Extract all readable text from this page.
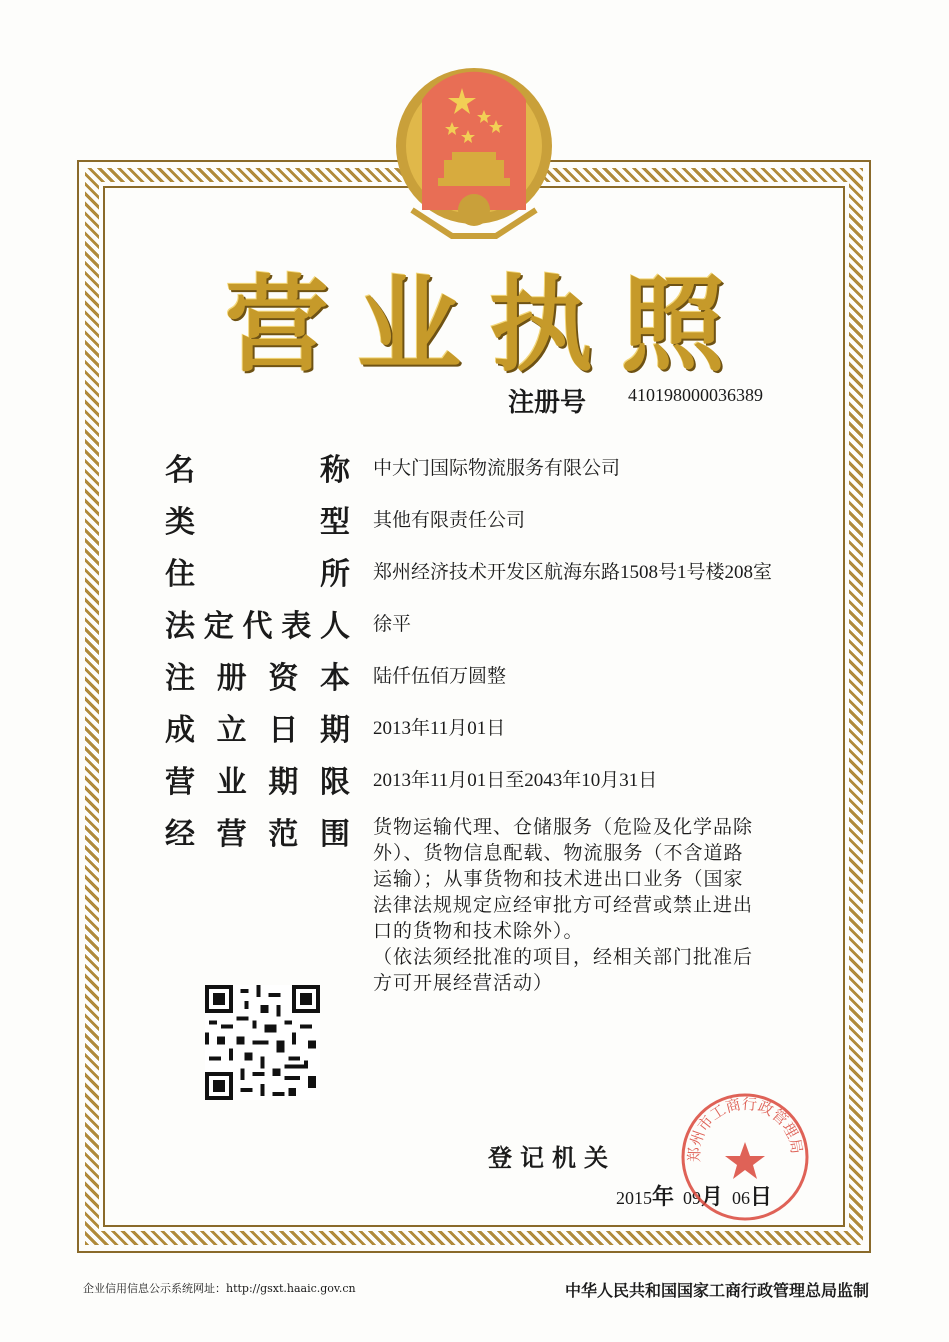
营 业 执 照
注册号 410198000036389
名	称 中大门国际物流服务有限公司
类	型 其他有限责任公司
住	所 郑州经济技术开发区航海东路1508号1号楼208室
法 定 代 表 人 徐平
注 册 资 本 陆仟伍佰万圆整
成 立 日 期 2013年11月01日
营 业 期 限 2013年11月01日至2043年10月31日
经 营 范 围 货物运输代理、仓储服务（危险及化学品除
外）、货物信息配载、物流服务（不含道路
运输）；从事货物和技术进出口业务（国家
法律法规规定应经审批方可经营或禁止进出
口的货物和技术除外）。
（依法须经批准的项目，经相关部门批准后
方可开展经营活动）
登记机关
2015年 09月 06日
郑州市工商行政管理局
企业信用信息公示系统网址：http://gsxt.haaic.gov.cn	中华人民共和国国家工商行政管理总局监制
